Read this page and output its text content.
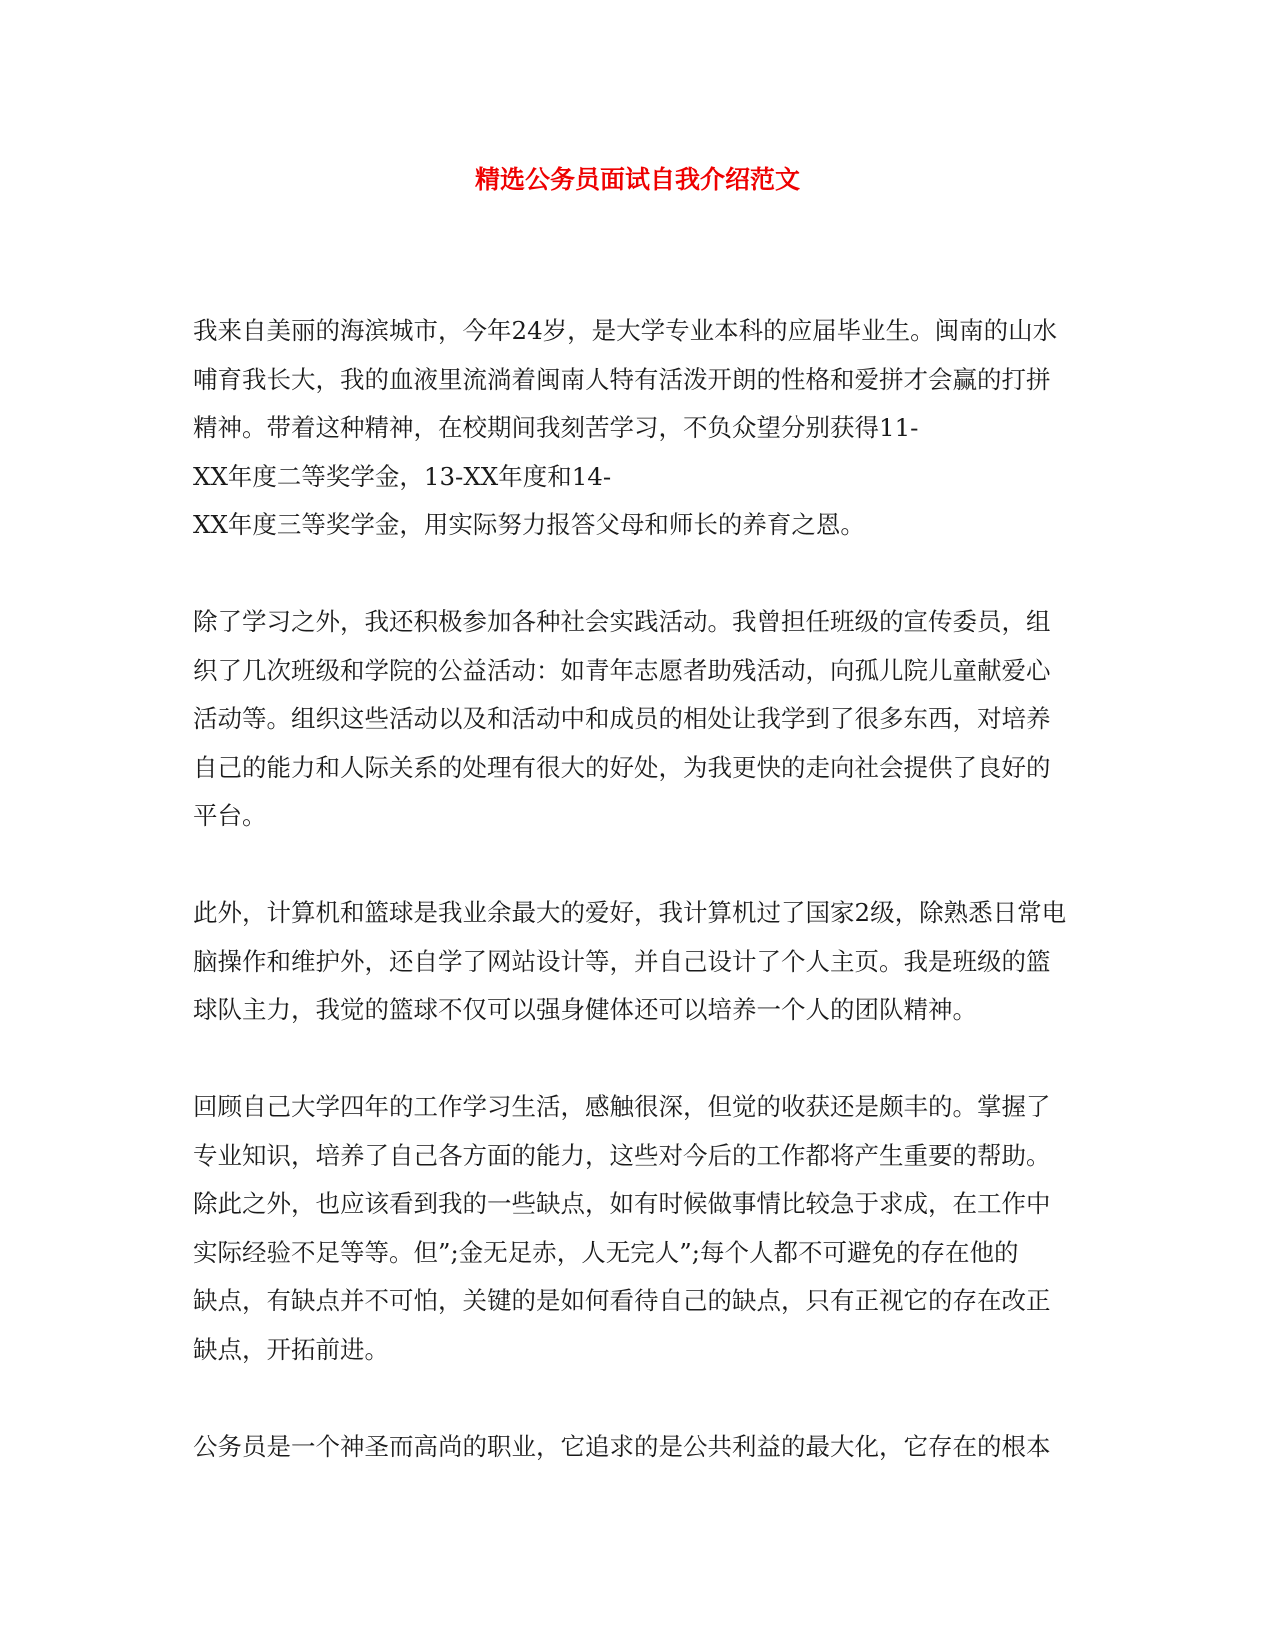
精选公务员面试自我介绍范文

我来自美丽的海滨城市，今年24岁，是大学专业本科的应届毕业生。闽南的山水
哺育我长大，我的血液里流淌着闽南人特有活泼开朗的性格和爱拼才会赢的打拼
精神。带着这种精神，在校期间我刻苦学习，不负众望分别获得11-
XX年度二等奖学金，13-XX年度和14-
XX年度三等奖学金，用实际努力报答父母和师长的养育之恩。

除了学习之外，我还积极参加各种社会实践活动。我曾担任班级的宣传委员，组
织了几次班级和学院的公益活动：如青年志愿者助残活动，向孤儿院儿童献爱心
活动等。组织这些活动以及和活动中和成员的相处让我学到了很多东西，对培养
自己的能力和人际关系的处理有很大的好处，为我更快的走向社会提供了良好的
平台。

此外，计算机和篮球是我业余最大的爱好，我计算机过了国家2级，除熟悉日常电
脑操作和维护外，还自学了网站设计等，并自己设计了个人主页。我是班级的篮
球队主力，我觉的篮球不仅可以强身健体还可以培养一个人的团队精神。

回顾自己大学四年的工作学习生活，感触很深，但觉的收获还是颇丰的。掌握了
专业知识，培养了自己各方面的能力，这些对今后的工作都将产生重要的帮助。
除此之外，也应该看到我的一些缺点，如有时候做事情比较急于求成，在工作中
实际经验不足等等。但”;金无足赤，人无完人”;每个人都不可避免的存在他的
缺点，有缺点并不可怕，关键的是如何看待自己的缺点，只有正视它的存在改正
缺点，开拓前进。

公务员是一个神圣而高尚的职业，它追求的是公共利益的最大化，它存在的根本
